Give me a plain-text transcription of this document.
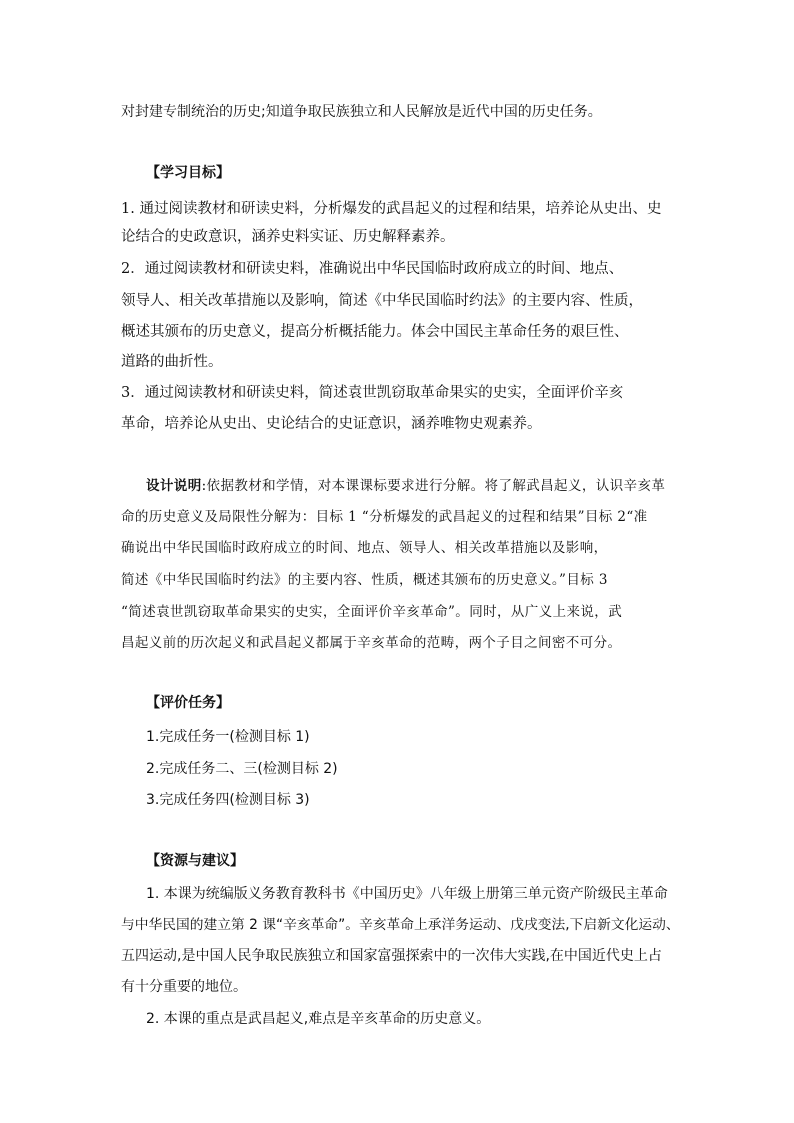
对封建专制统治的历史;知道争取民族独立和人民解放是近代中国的历史任务。
【学习目标】
1. 通过阅读教材和研读史料，分析爆发的武昌起义的过程和结果，培养论从史出、史
论结合的史政意识，涵养史料实证、历史解释素养。
2．通过阅读教材和研读史料，准确说出中华民国临时政府成立的时间、地点、
领导人、相关改革措施以及影响，简述《中华民国临时约法》的主要内容、性质，
概述其颁布的历史意义，提高分析概括能力。体会中国民主革命任务的艰巨性、
道路的曲折性。
3．通过阅读教材和研读史料，简述袁世凯窃取革命果实的史实，全面评价辛亥
革命，培养论从史出、史论结合的史证意识，涵养唯物史观素养。
设计说明:依据教材和学情，对本课课标要求进行分解。将了解武昌起义，认识辛亥革
命的历史意义及局限性分解为：目标 1 “分析爆发的武昌起义的过程和结果”目标 2“准
确说出中华民国临时政府成立的时间、地点、领导人、相关改革措施以及影响，
简述《中华民国临时约法》的主要内容、性质，概述其颁布的历史意义。”目标 3
“简述袁世凯窃取革命果实的史实，全面评价辛亥革命”。同时，从广义上来说，武
昌起义前的历次起义和武昌起义都属于辛亥革命的范畴，两个子目之间密不可分。
【评价任务】
1.完成任务一(检测目标 1)
2.完成任务二、三(检测目标 2)
3.完成任务四(检测目标 3)
【资源与建议】
1. 本课为统编版义务教育教科书《中国历史》八年级上册第三单元资产阶级民主革命
与中华民国的建立第 2 课“辛亥革命”。辛亥革命上承洋务运动、戊戌变法,下启新文化运动、
五四运动,是中国人民争取民族独立和国家富强探索中的一次伟大实践,在中国近代史上占
有十分重要的地位。
2. 本课的重点是武昌起义,难点是辛亥革命的历史意义。
